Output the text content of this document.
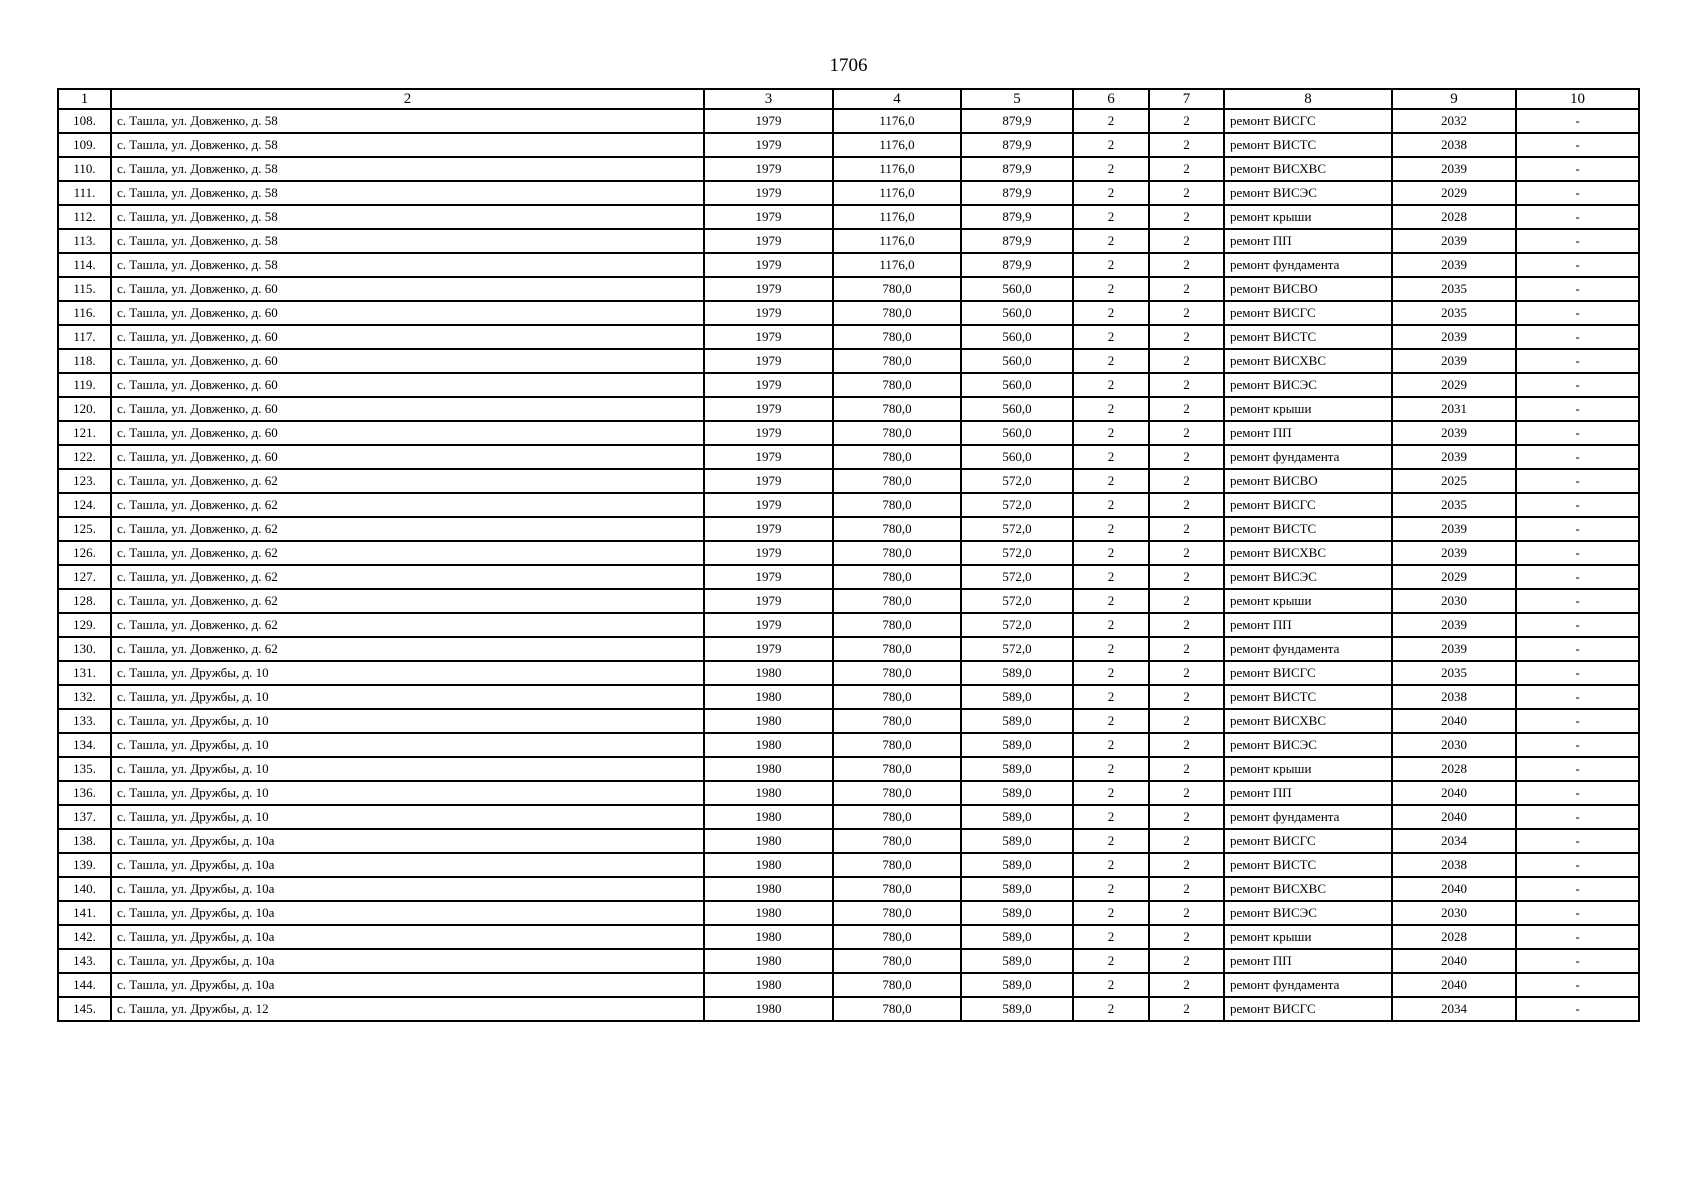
1706
1	2	3	4	5	6	7	8	9	10
108.	с. Ташла, ул. Довженко, д. 58	1979	1176,0	879,9	2	2	ремонт ВИСГС	2032	-
109.	с. Ташла, ул. Довженко, д. 58	1979	1176,0	879,9	2	2	ремонт ВИСТС	2038	-
110.	с. Ташла, ул. Довженко, д. 58	1979	1176,0	879,9	2	2	ремонт ВИСХВС	2039	-
111.	с. Ташла, ул. Довженко, д. 58	1979	1176,0	879,9	2	2	ремонт ВИСЭС	2029	-
112.	с. Ташла, ул. Довженко, д. 58	1979	1176,0	879,9	2	2	ремонт крыши	2028	-
113.	с. Ташла, ул. Довженко, д. 58	1979	1176,0	879,9	2	2	ремонт ПП	2039	-
114.	с. Ташла, ул. Довженко, д. 58	1979	1176,0	879,9	2	2	ремонт фундамента	2039	-
115.	с. Ташла, ул. Довженко, д. 60	1979	780,0	560,0	2	2	ремонт ВИСВО	2035	-
116.	с. Ташла, ул. Довженко, д. 60	1979	780,0	560,0	2	2	ремонт ВИСГС	2035	-
117.	с. Ташла, ул. Довженко, д. 60	1979	780,0	560,0	2	2	ремонт ВИСТС	2039	-
118.	с. Ташла, ул. Довженко, д. 60	1979	780,0	560,0	2	2	ремонт ВИСХВС	2039	-
119.	с. Ташла, ул. Довженко, д. 60	1979	780,0	560,0	2	2	ремонт ВИСЭС	2029	-
120.	с. Ташла, ул. Довженко, д. 60	1979	780,0	560,0	2	2	ремонт крыши	2031	-
121.	с. Ташла, ул. Довженко, д. 60	1979	780,0	560,0	2	2	ремонт ПП	2039	-
122.	с. Ташла, ул. Довженко, д. 60	1979	780,0	560,0	2	2	ремонт фундамента	2039	-
123.	с. Ташла, ул. Довженко, д. 62	1979	780,0	572,0	2	2	ремонт ВИСВО	2025	-
124.	с. Ташла, ул. Довженко, д. 62	1979	780,0	572,0	2	2	ремонт ВИСГС	2035	-
125.	с. Ташла, ул. Довженко, д. 62	1979	780,0	572,0	2	2	ремонт ВИСТС	2039	-
126.	с. Ташла, ул. Довженко, д. 62	1979	780,0	572,0	2	2	ремонт ВИСХВС	2039	-
127.	с. Ташла, ул. Довженко, д. 62	1979	780,0	572,0	2	2	ремонт ВИСЭС	2029	-
128.	с. Ташла, ул. Довженко, д. 62	1979	780,0	572,0	2	2	ремонт крыши	2030	-
129.	с. Ташла, ул. Довженко, д. 62	1979	780,0	572,0	2	2	ремонт ПП	2039	-
130.	с. Ташла, ул. Довженко, д. 62	1979	780,0	572,0	2	2	ремонт фундамента	2039	-
131.	с. Ташла, ул. Дружбы, д. 10	1980	780,0	589,0	2	2	ремонт ВИСГС	2035	-
132.	с. Ташла, ул. Дружбы, д. 10	1980	780,0	589,0	2	2	ремонт ВИСТС	2038	-
133.	с. Ташла, ул. Дружбы, д. 10	1980	780,0	589,0	2	2	ремонт ВИСХВС	2040	-
134.	с. Ташла, ул. Дружбы, д. 10	1980	780,0	589,0	2	2	ремонт ВИСЭС	2030	-
135.	с. Ташла, ул. Дружбы, д. 10	1980	780,0	589,0	2	2	ремонт крыши	2028	-
136.	с. Ташла, ул. Дружбы, д. 10	1980	780,0	589,0	2	2	ремонт ПП	2040	-
137.	с. Ташла, ул. Дружбы, д. 10	1980	780,0	589,0	2	2	ремонт фундамента	2040	-
138.	с. Ташла, ул. Дружбы, д. 10а	1980	780,0	589,0	2	2	ремонт ВИСГС	2034	-
139.	с. Ташла, ул. Дружбы, д. 10а	1980	780,0	589,0	2	2	ремонт ВИСТС	2038	-
140.	с. Ташла, ул. Дружбы, д. 10а	1980	780,0	589,0	2	2	ремонт ВИСХВС	2040	-
141.	с. Ташла, ул. Дружбы, д. 10а	1980	780,0	589,0	2	2	ремонт ВИСЭС	2030	-
142.	с. Ташла, ул. Дружбы, д. 10а	1980	780,0	589,0	2	2	ремонт крыши	2028	-
143.	с. Ташла, ул. Дружбы, д. 10а	1980	780,0	589,0	2	2	ремонт ПП	2040	-
144.	с. Ташла, ул. Дружбы, д. 10а	1980	780,0	589,0	2	2	ремонт фундамента	2040	-
145.	с. Ташла, ул. Дружбы, д. 12	1980	780,0	589,0	2	2	ремонт ВИСГС	2034	-
